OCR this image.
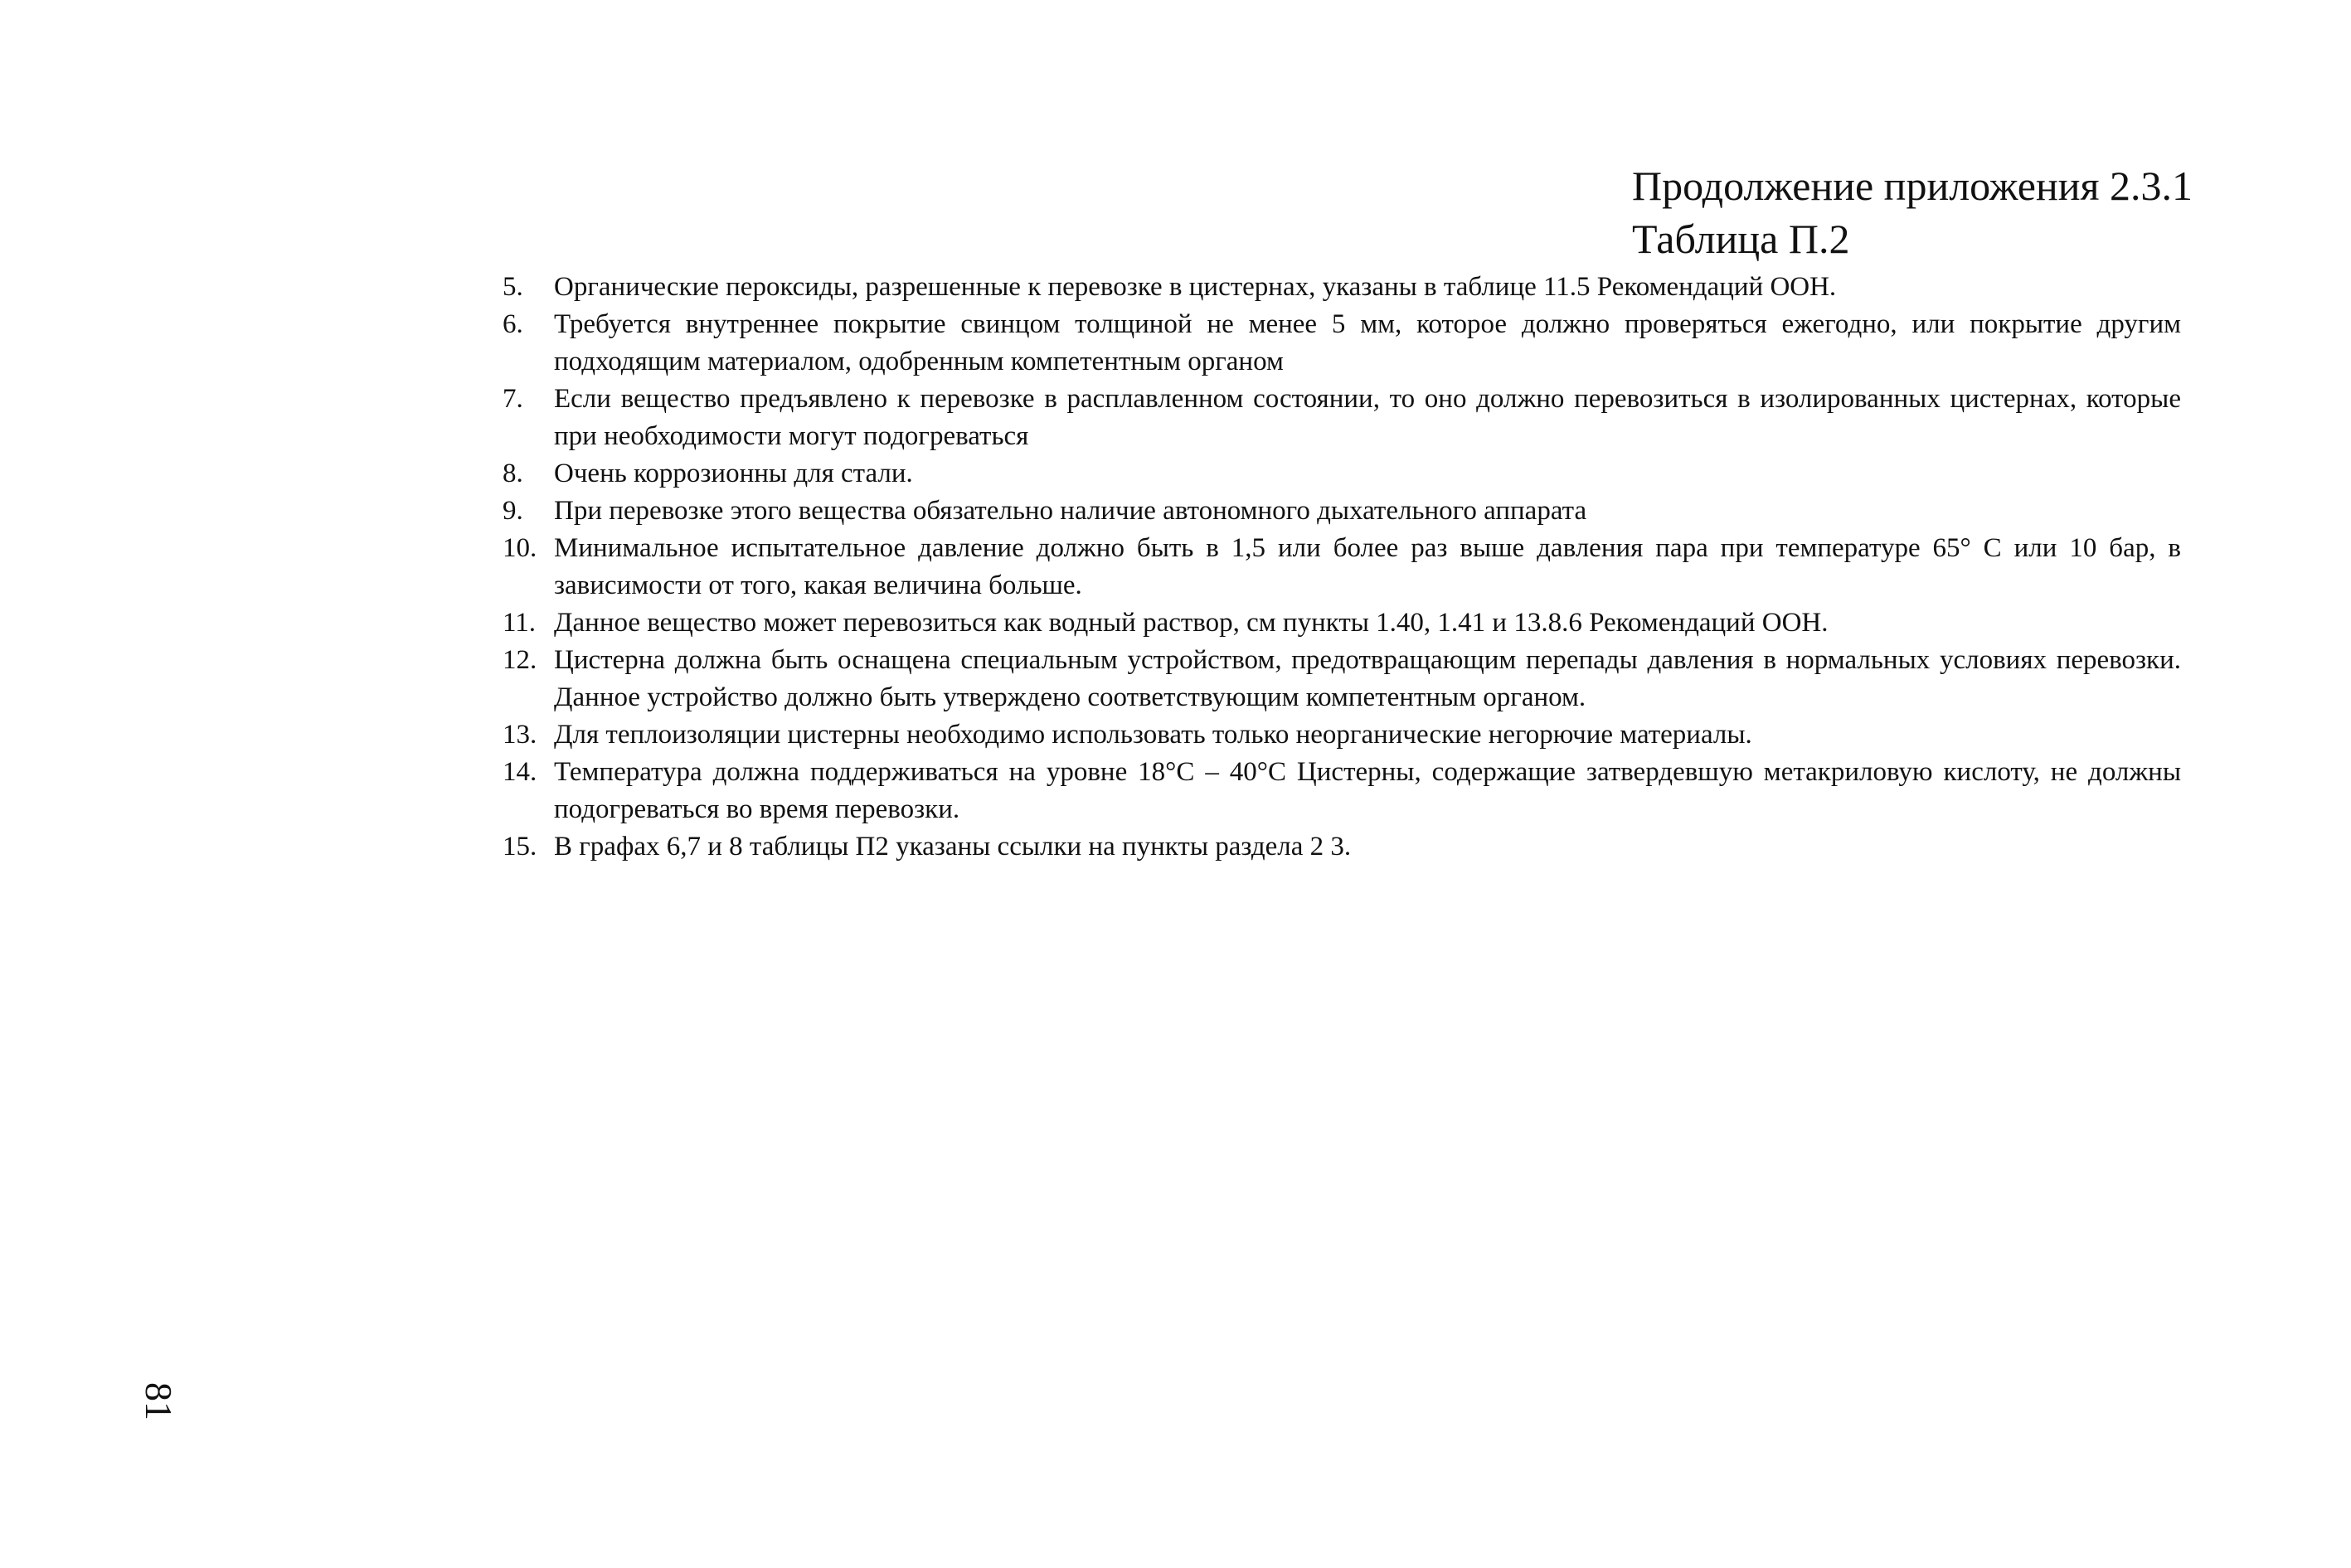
Продолжение приложения 2.3.1
Таблица П.2
5.	Органические пероксиды, разрешенные к перевозке в цистернах, указаны в таблице 11.5 Рекомендаций ООН.
6.	Требуется внутреннее покрытие свинцом толщиной не менее 5 мм, которое должно проверяться ежегодно, или покрытие другим подходящим материалом, одобренным компетентным органом
7.	Если вещество предъявлено к перевозке в расплавленном состоянии, то оно должно перевозиться в изолированных цистернах, которые при необходимости могут подогреваться
8.	Очень коррозионны для стали.
9.	При перевозке этого вещества обязательно наличие автономного дыхательного аппарата
10. Минимальное испытательное давление должно быть в 1,5 или более раз выше давления пара при температуре 65° С или 10 бар, в зависимости от того, какая величина больше.
11. Данное вещество может перевозиться как водный раствор, см пункты 1.40, 1.41 и 13.8.6 Рекомендаций ООН.
12. Цистерна должна быть оснащена специальным устройством, предотвращающим перепады давления в нормальных условиях перевозки. Данное устройство должно быть утверждено соответствующим компетентным органом.
13. Для теплоизоляции цистерны необходимо использовать только неорганические негорючие материалы.
14. Температура должна поддерживаться на уровне 18°С – 40°С Цистерны, содержащие затвердевшую метакриловую кислоту, не должны подогреваться во время перевозки.
15. В графах 6,7 и 8 таблицы П2 указаны ссылки на пункты раздела 2 3.
81
